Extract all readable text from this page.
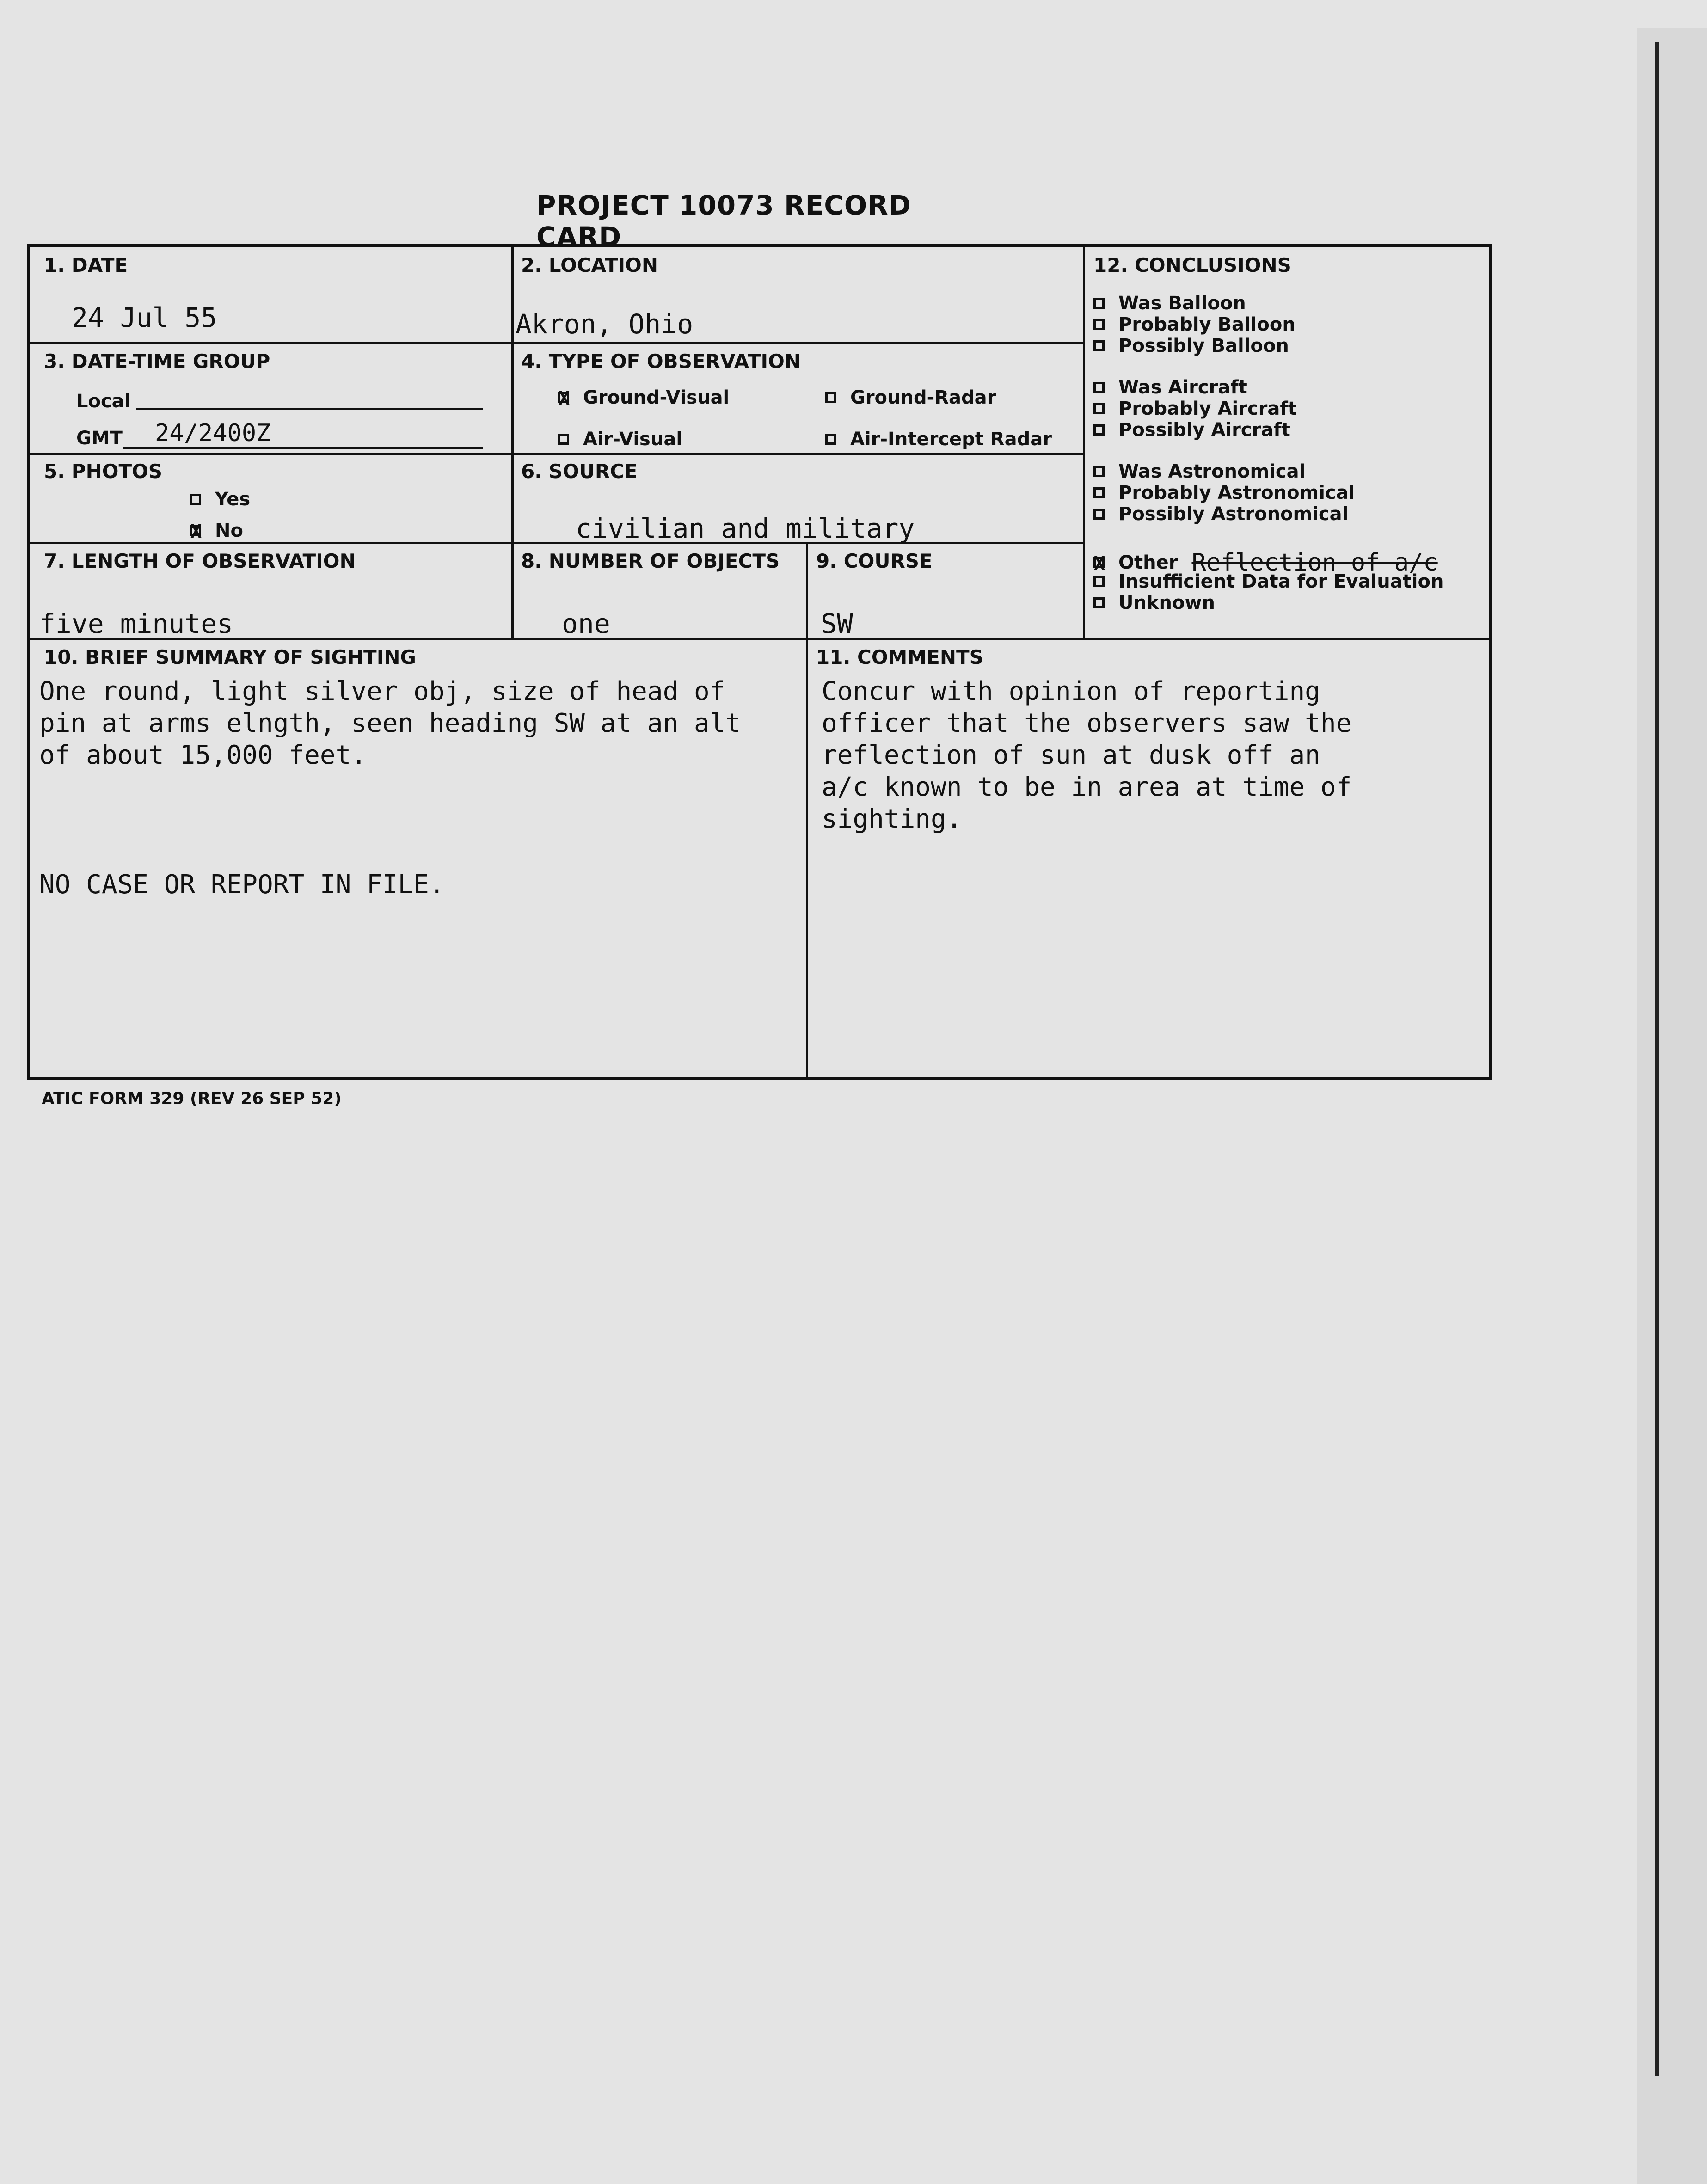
PROJECT 10073 RECORD CARD
1. DATE
24 Jul 55
2. LOCATION
Akron, Ohio
3. DATE-TIME GROUP
Local
GMT 24/2400Z
4. TYPE OF OBSERVATION
X
Ground-Visual	Ground-Radar
Air-Visual	Air-Intercept Radar
5. PHOTOS
Yes
X
No
6. SOURCE
civilian and military
7. LENGTH OF OBSERVATION
five minutes
8. NUMBER OF OBJECTS
one
9. COURSE
SW
10. BRIEF SUMMARY OF SIGHTING
One round, light silver obj, size of head of
pin at arms elngth, seen heading SW at an alt
of about 15,000 feet.
NO CASE OR REPORT IN FILE.
11. COMMENTS
Concur with opinion of reporting
officer that the observers saw the
reflection of sun at dusk off an
a/c known to be in area at time of
sighting.
12. CONCLUSIONS
Was Balloon
Probably Balloon
Possibly Balloon
Was Aircraft
Probably Aircraft
Possibly Aircraft
Was Astronomical
Probably Astronomical
Possibly Astronomical
X
Other Reflection of a/c
Insufficient Data for Evaluation
Unknown
ATIC FORM 329 (REV 26 SEP 52)
